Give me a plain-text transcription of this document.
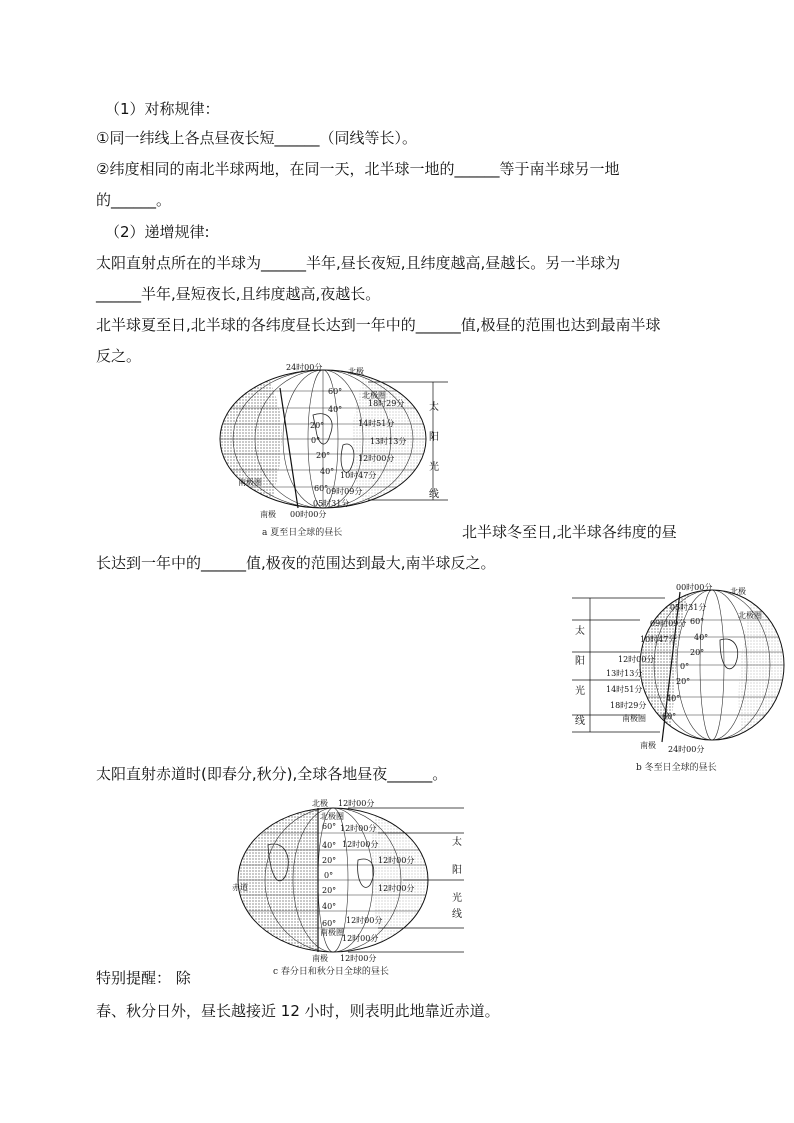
（1）对称规律：
①同一纬线上各点昼夜长短______（同线等长）。
②纬度相同的南北半球两地，在同一天，北半球一地的______等于南半球另一地
的______。
（2）递增规律:
太阳直射点所在的半球为______半年,昼长夜短,且纬度越高,昼越长。另一半球为
______半年,昼短夜长,且纬度越高,夜越长。
北半球夏至日,北半球的各纬度昼长达到一年中的______值,极昼的范围也达到最南半球
反之。
北半球冬至日,北半球各纬度的昼
长达到一年中的______值,极夜的范围达到最大,南半球反之。
太阳直射赤道时(即春分,秋分),全球各地昼夜______。
特别提醒： 除
春、秋分日外，昼长越接近 12 小时，则表明此地靠近赤道。
24时00分	北极
北极圈
18时29分
14时51分
13时13分
12时00分
10时47分
09时09分
05时31分
南极圈
南极 00时00分
60°
40°
20°
0°
20°
40°
60°
太
阳
光
线
a 夏至日全球的昼长
00时00分 北极
北极圈
05时31分
09时09分
10时47分
12时00分
13时13分
14时51分
18时29分
南极圈
南极 24时00分
60°
40°
20°
0°
20°
40°
60°
太
阳
光
线
b 冬至日全球的昼长
北极 12时00分
北极圈
12时00分
12时00分
12时00分
12时00分
12时00分
12时00分
赤道
南极圈
南极 12时00分
60°
40°
20°
0°
20°
40°
60°
太
阳
光
线
c 春分日和秋分日全球的昼长
